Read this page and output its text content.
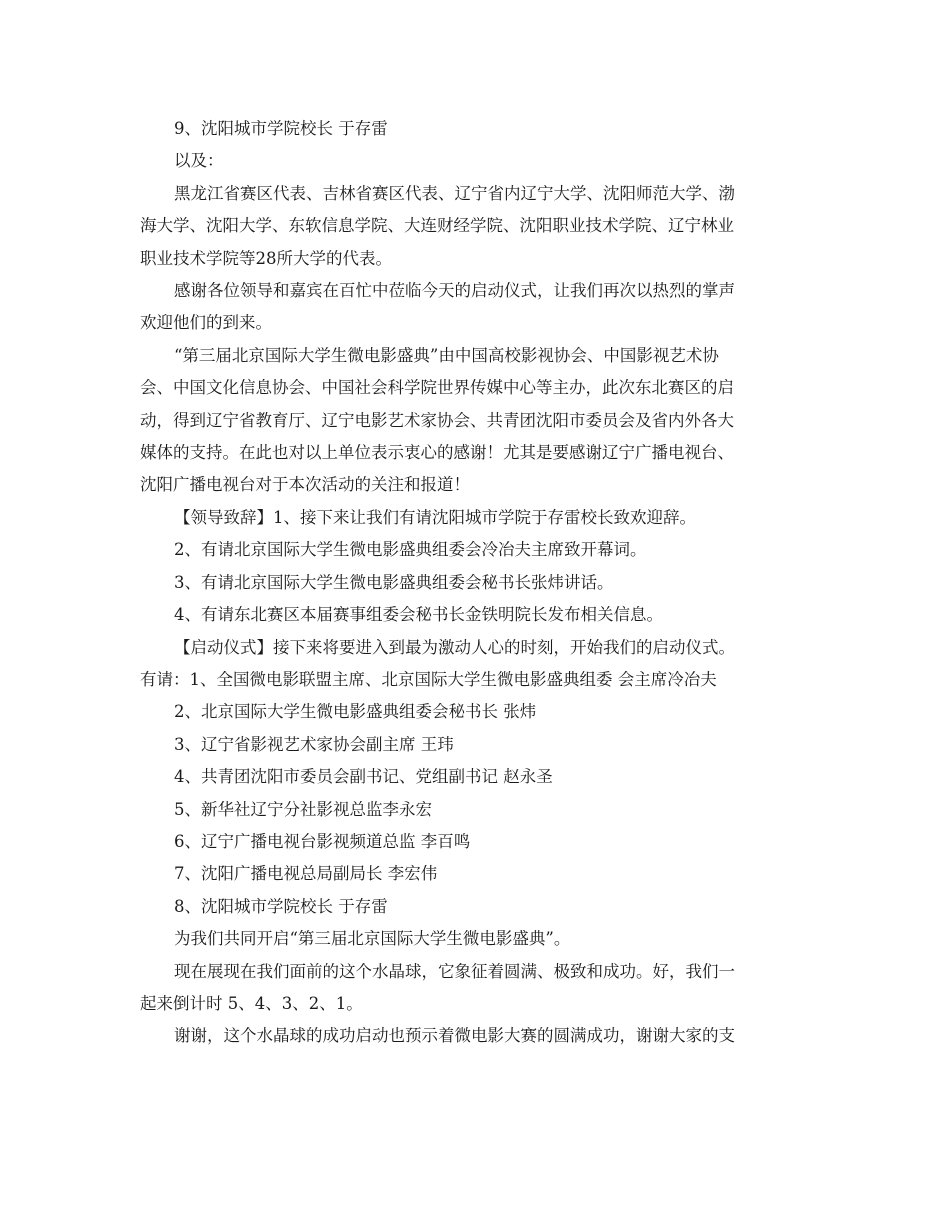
9、沈阳城市学院校长 于存雷
以及：
黑龙江省赛区代表、吉林省赛区代表、辽宁省内辽宁大学、沈阳师范大学、渤
海大学、沈阳大学、东软信息学院、大连财经学院、沈阳职业技术学院、辽宁林业
职业技术学院等28所大学的代表。
感谢各位领导和嘉宾在百忙中莅临今天的启动仪式，让我们再次以热烈的掌声
欢迎他们的到来。
“第三届北京国际大学生微电影盛典”由中国高校影视协会、中国影视艺术协
会、中国文化信息协会、中国社会科学院世界传媒中心等主办，此次东北赛区的启
动，得到辽宁省教育厅、辽宁电影艺术家协会、共青团沈阳市委员会及省内外各大
媒体的支持。在此也对以上单位表示衷心的感谢！尤其是要感谢辽宁广播电视台、
沈阳广播电视台对于本次活动的关注和报道！
【领导致辞】1、接下来让我们有请沈阳城市学院于存雷校长致欢迎辞。
2、有请北京国际大学生微电影盛典组委会冷冶夫主席致开幕词。
3、有请北京国际大学生微电影盛典组委会秘书长张炜讲话。
4、有请东北赛区本届赛事组委会秘书长金铁明院长发布相关信息。
【启动仪式】接下来将要进入到最为激动人心的时刻，开始我们的启动仪式。
有请：1、全国微电影联盟主席、北京国际大学生微电影盛典组委 会主席冷冶夫
2、北京国际大学生微电影盛典组委会秘书长 张炜
3、辽宁省影视艺术家协会副主席 王玮
4、共青团沈阳市委员会副书记、党组副书记 赵永圣
5、新华社辽宁分社影视总监李永宏
6、辽宁广播电视台影视频道总监 李百鸣
7、沈阳广播电视总局副局长 李宏伟
8、沈阳城市学院校长 于存雷
为我们共同开启“第三届北京国际大学生微电影盛典”。
现在展现在我们面前的这个水晶球，它象征着圆满、极致和成功。好，我们一
起来倒计时 5、4、3、2、1。
谢谢，这个水晶球的成功启动也预示着微电影大赛的圆满成功，谢谢大家的支
